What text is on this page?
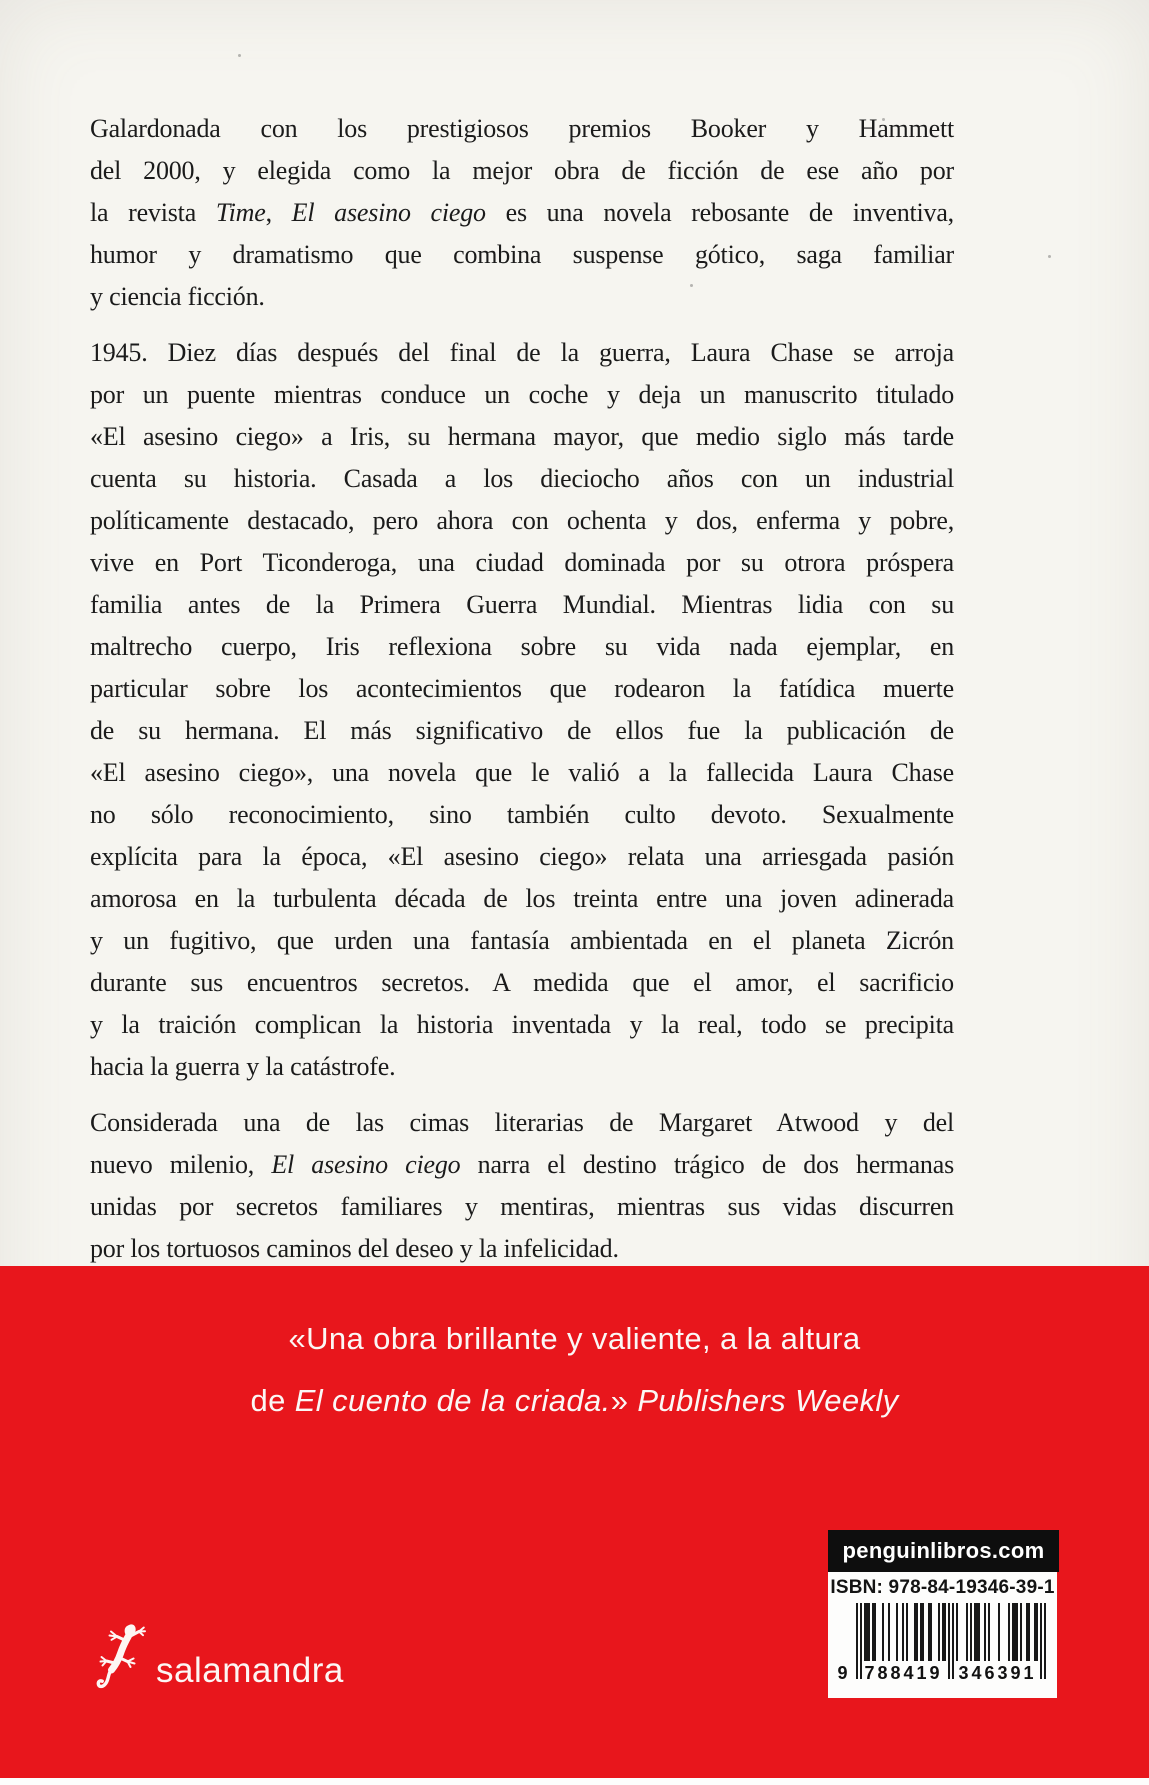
Galardonada con los prestigiosos premios Booker y Hammett
del 2000, y elegida como la mejor obra de ficción de ese año por
la revista Time, El asesino ciego es una novela rebosante de inventiva,
humor y dramatismo que combina suspense gótico, saga familiar
y ciencia ficción.
1945. Diez días después del final de la guerra, Laura Chase se arroja
por un puente mientras conduce un coche y deja un manuscrito titulado
«El asesino ciego» a Iris, su hermana mayor, que medio siglo más tarde
cuenta su historia. Casada a los dieciocho años con un industrial
políticamente destacado, pero ahora con ochenta y dos, enferma y pobre,
vive en Port Ticonderoga, una ciudad dominada por su otrora próspera
familia antes de la Primera Guerra Mundial. Mientras lidia con su
maltrecho cuerpo, Iris reflexiona sobre su vida nada ejemplar, en
particular sobre los acontecimientos que rodearon la fatídica muerte
de su hermana. El más significativo de ellos fue la publicación de
«El asesino ciego», una novela que le valió a la fallecida Laura Chase
no sólo reconocimiento, sino también culto devoto. Sexualmente
explícita para la época, «El asesino ciego» relata una arriesgada pasión
amorosa en la turbulenta década de los treinta entre una joven adinerada
y un fugitivo, que urden una fantasía ambientada en el planeta Zicrón
durante sus encuentros secretos. A medida que el amor, el sacrificio
y la traición complican la historia inventada y la real, todo se precipita
hacia la guerra y la catástrofe.
Considerada una de las cimas literarias de Margaret Atwood y del
nuevo milenio, El asesino ciego narra el destino trágico de dos hermanas
unidas por secretos familiares y mentiras, mientras sus vidas discurren
por los tortuosos caminos del deseo y la infelicidad.
«Una obra brillante y valiente, a la altura
de El cuento de la criada.» Publishers Weekly
penguinlibros.com
ISBN: 978-84-19346-39-1
9 788419 346391
salamandra
